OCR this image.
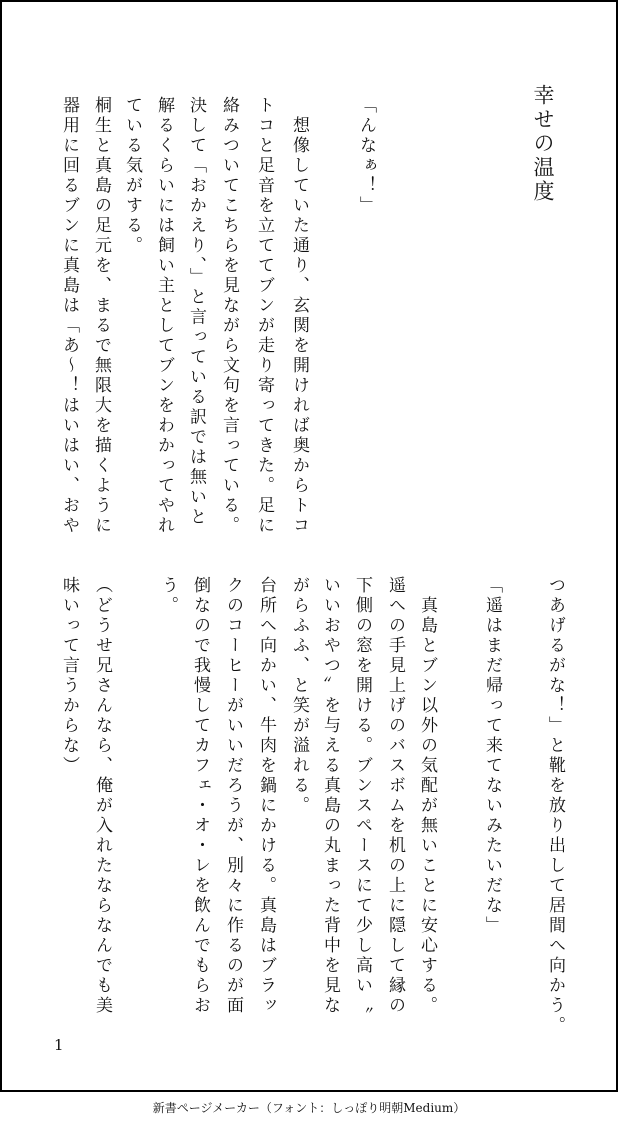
幸せの温度
「んなぁ！」
　想像していた通り、玄関を開ければ奥からトコ
トコと足音を立ててブンが走り寄ってきた。足に
絡みついてこちらを見ながら文句を言っている。
決して「おかえり、」と言っている訳では無いと
解るくらいには飼い主としてブンをわかってやれ
ている気がする。
桐生と真島の足元を、まるで無限大を描くように
器用に回るブンに真島は「あ～！はいはい、おや
つあげるがな！」と靴を放り出して居間へ向かう。
「遥はまだ帰って来てないみたいだな」
　真島とブン以外の気配が無いことに安心する。
遥への手見上げのバスボムを机の上に隠して縁の
下側の窓を開ける。ブンスペースにて少し高い〝
いいおやつ〟を与える真島の丸まった背中を見な
がらふふ、と笑が溢れる。
台所へ向かい、牛肉を鍋にかける。真島はブラッ
クのコーヒーがいいだろうが、別々に作るのが面
倒なので我慢してカフェ・オ・レを飲んでもらお
う。
（どうせ兄さんなら、俺が入れたならなんでも美
味いって言うからな）
1
新書ページメーカー（フォント：しっぽり明朝Medium）
